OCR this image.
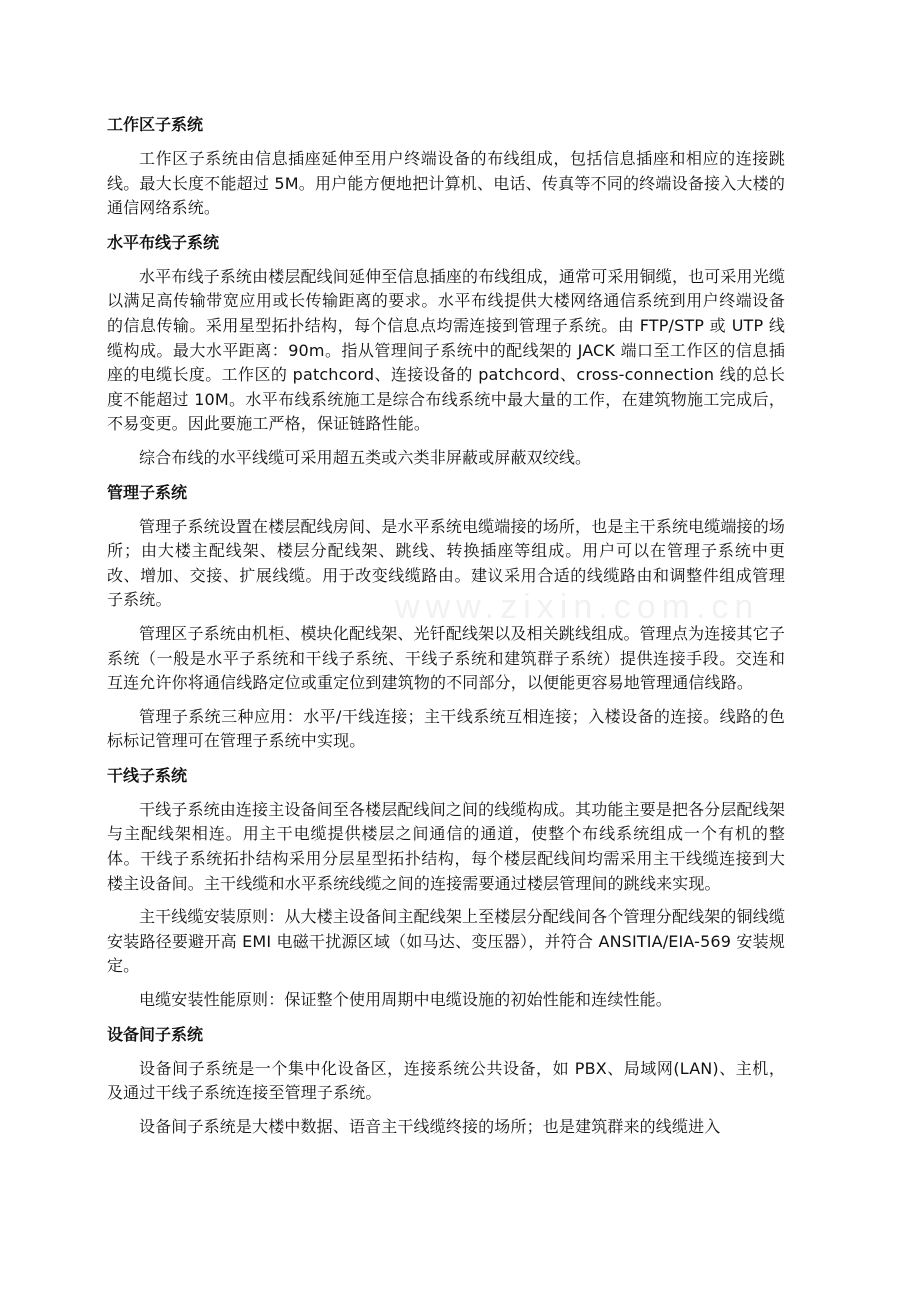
工作区子系统

工作区子系统由信息插座延伸至用户终端设备的布线组成，包括信息插座和相应的连接跳线。最大长度不能超过 5M。用户能方便地把计算机、电话、传真等不同的终端设备接入大楼的通信网络系统。

水平布线子系统

水平布线子系统由楼层配线间延伸至信息插座的布线组成，通常可采用铜缆，也可采用光缆以满足高传输带宽应用或长传输距离的要求。水平布线提供大楼网络通信系统到用户终端设备的信息传输。采用星型拓扑结构，每个信息点均需连接到管理子系统。由 FTP/STP 或 UTP 线缆构成。最大水平距离：90m。指从管理间子系统中的配线架的 JACK 端口至工作区的信息插座的电缆长度。工作区的 patchcord、连接设备的 patchcord、cross-connection 线的总长度不能超过 10M。水平布线系统施工是综合布线系统中最大量的工作，在建筑物施工完成后，不易变更。因此要施工严格，保证链路性能。

综合布线的水平线缆可采用超五类或六类非屏蔽或屏蔽双绞线。

管理子系统

管理子系统设置在楼层配线房间、是水平系统电缆端接的场所，也是主干系统电缆端接的场所；由大楼主配线架、楼层分配线架、跳线、转换插座等组成。用户可以在管理子系统中更改、增加、交接、扩展线缆。用于改变线缆路由。建议采用合适的线缆路由和调整件组成管理子系统。

管理区子系统由机柜、模块化配线架、光钎配线架以及相关跳线组成。管理点为连接其它子系统（一般是水平子系统和干线子系统、干线子系统和建筑群子系统）提供连接手段。交连和互连允许你将通信线路定位或重定位到建筑物的不同部分，以便能更容易地管理通信线路。

管理子系统三种应用：水平/干线连接；主干线系统互相连接；入楼设备的连接。线路的色标标记管理可在管理子系统中实现。

干线子系统

干线子系统由连接主设备间至各楼层配线间之间的线缆构成。其功能主要是把各分层配线架与主配线架相连。用主干电缆提供楼层之间通信的通道，使整个布线系统组成一个有机的整体。干线子系统拓扑结构采用分层星型拓扑结构，每个楼层配线间均需采用主干线缆连接到大楼主设备间。主干线缆和水平系统线缆之间的连接需要通过楼层管理间的跳线来实现。

主干线缆安装原则：从大楼主设备间主配线架上至楼层分配线间各个管理分配线架的铜线缆安装路径要避开高 EMI 电磁干扰源区域（如马达、变压器），并符合 ANSITIA/EIA-569 安装规定。

电缆安装性能原则：保证整个使用周期中电缆设施的初始性能和连续性能。

设备间子系统

设备间子系统是一个集中化设备区，连接系统公共设备，如 PBX、局域网(LAN)、主机，及通过干线子系统连接至管理子系统。

设备间子系统是大楼中数据、语音主干线缆终接的场所；也是建筑群来的线缆进入

www.zixin.com.cn
